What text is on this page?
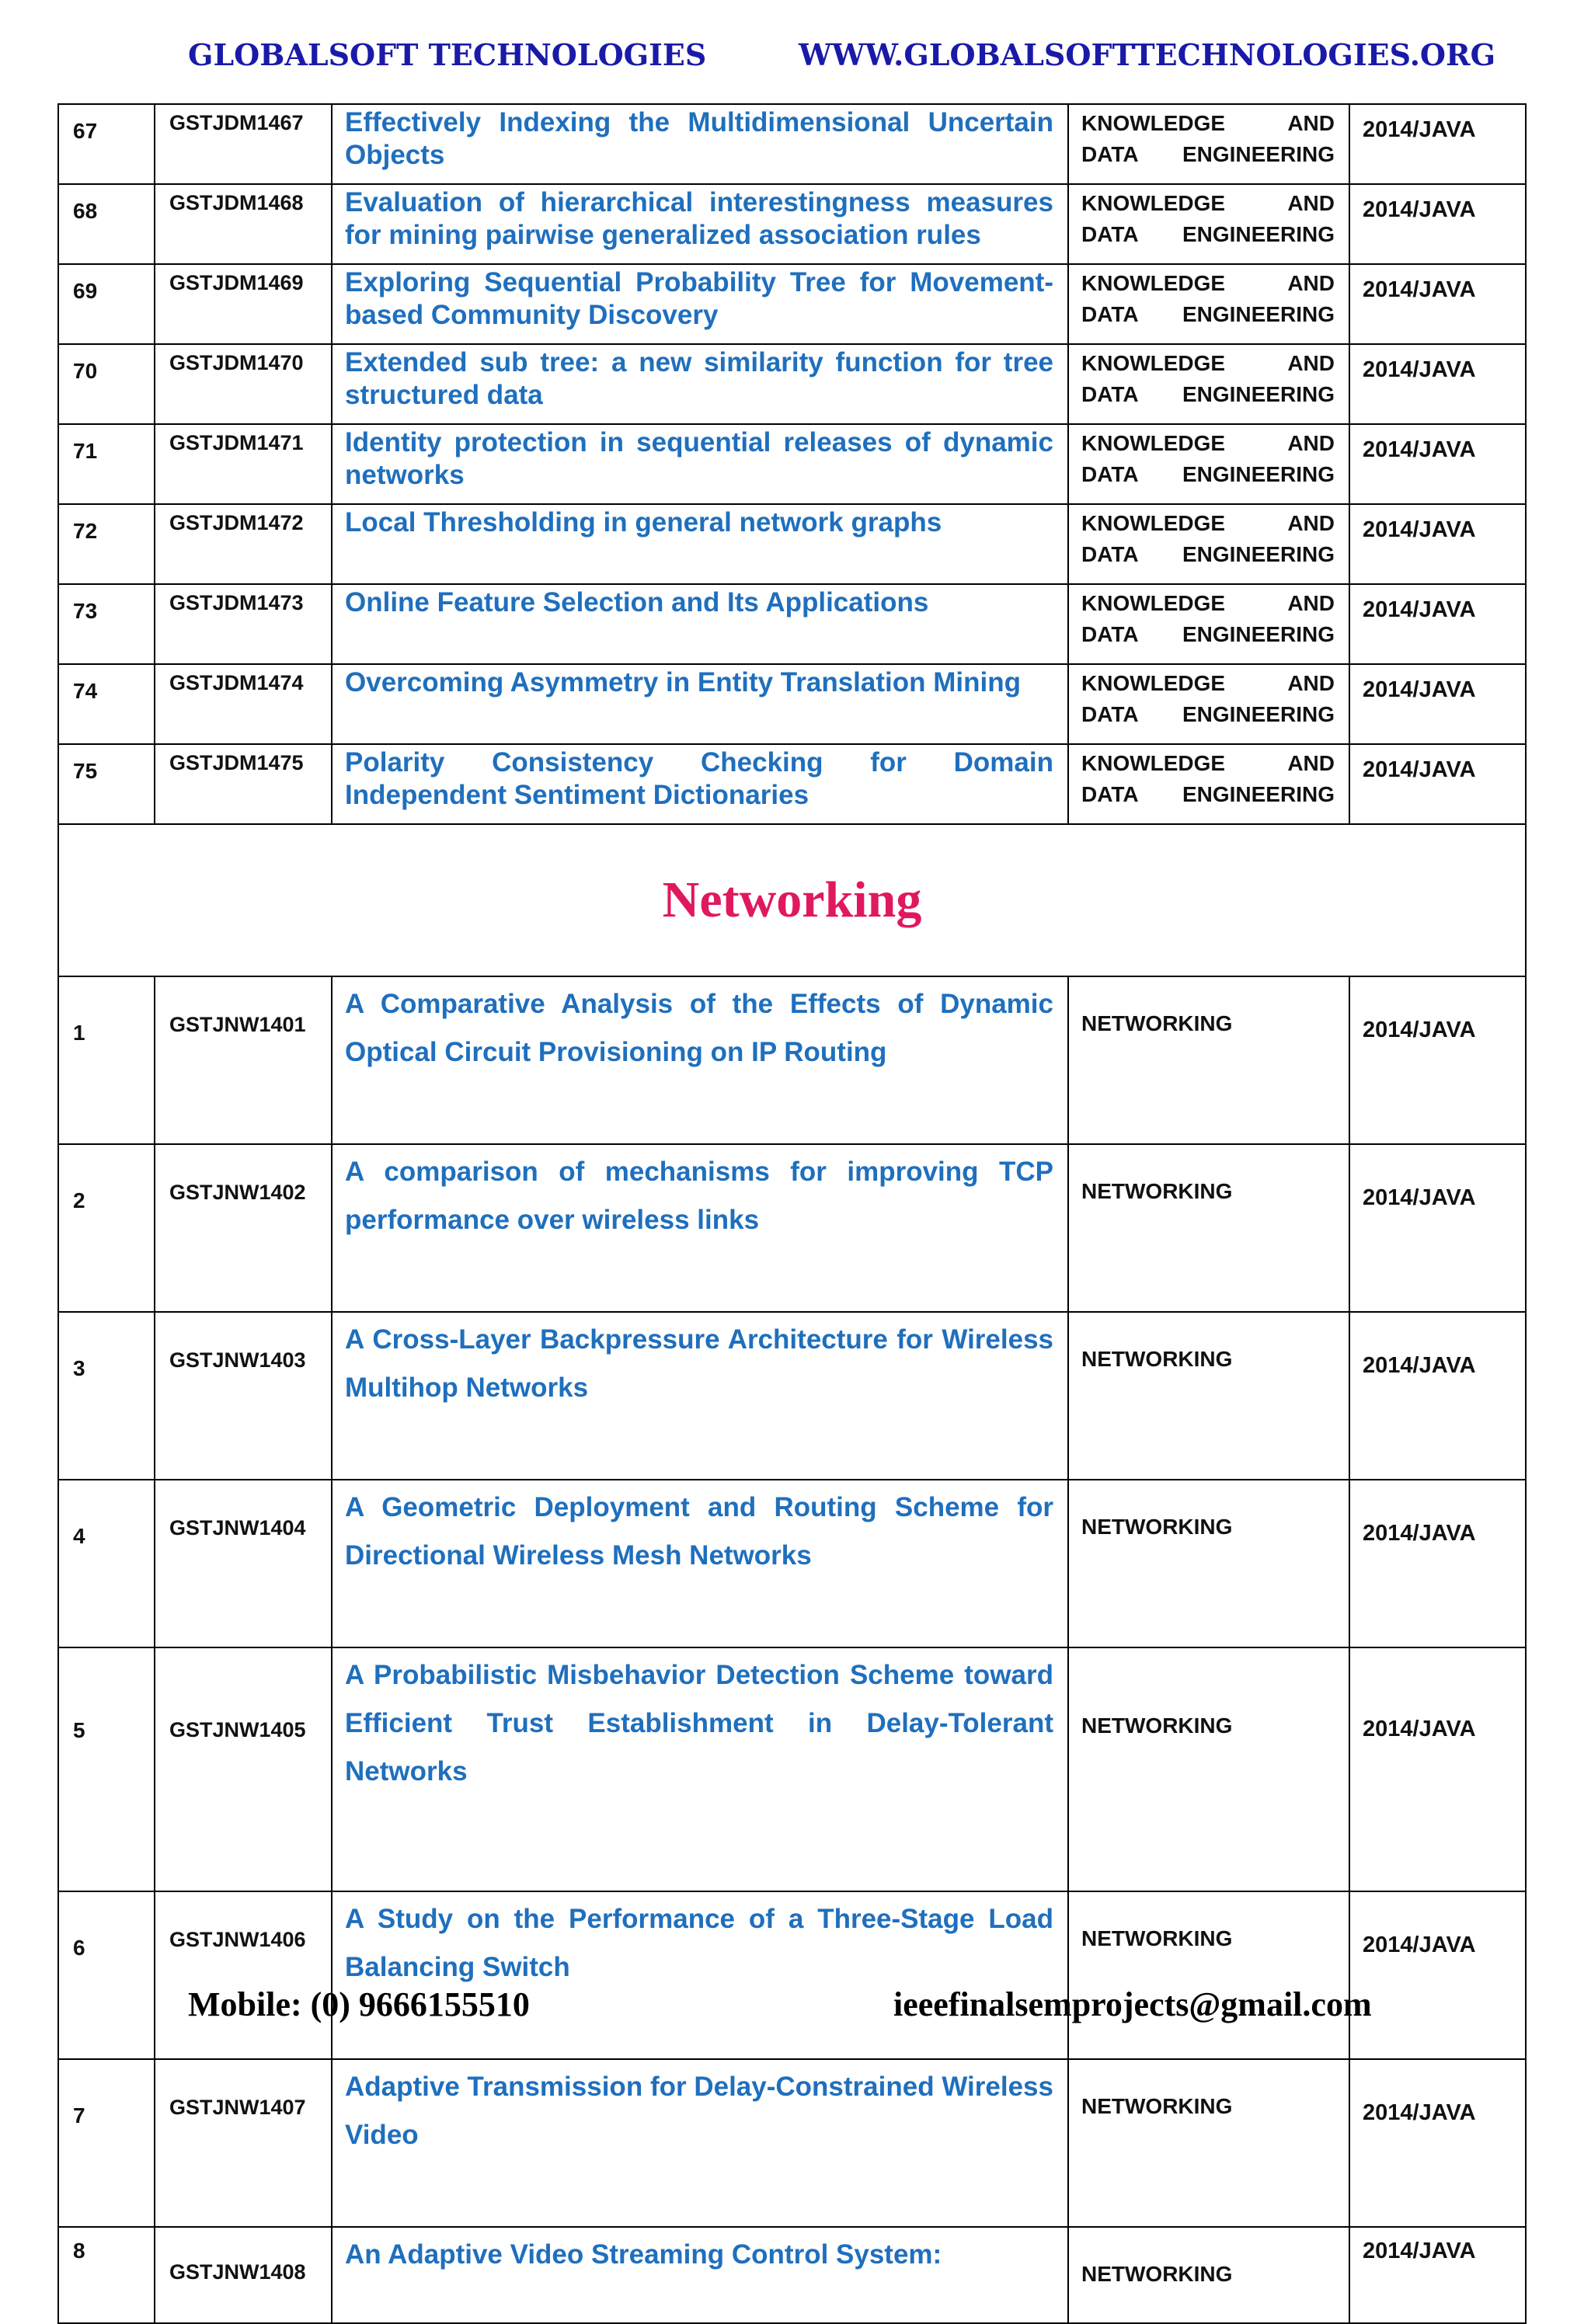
GLOBALSOFT TECHNOLOGIES	WWW.GLOBALSOFTTECHNOLOGIES.ORG
67	GSTJDM1467	Effectively Indexing the Multidimensional Uncertain Objects	KNOWLEDGE AND DATA ENGINEERING	2014/JAVA
68	GSTJDM1468	Evaluation of hierarchical interestingness measures for mining pairwise generalized association rules	KNOWLEDGE AND DATA ENGINEERING	2014/JAVA
69	GSTJDM1469	Exploring Sequential Probability Tree for Movement-based Community Discovery	KNOWLEDGE AND DATA ENGINEERING	2014/JAVA
70	GSTJDM1470	Extended sub tree: a new similarity function for tree structured data	KNOWLEDGE AND DATA ENGINEERING	2014/JAVA
71	GSTJDM1471	Identity protection in sequential releases of dynamic networks	KNOWLEDGE AND DATA ENGINEERING	2014/JAVA
72	GSTJDM1472	Local Thresholding in general network graphs	KNOWLEDGE AND DATA ENGINEERING	2014/JAVA
73	GSTJDM1473	Online Feature Selection and Its Applications	KNOWLEDGE AND DATA ENGINEERING	2014/JAVA
74	GSTJDM1474	Overcoming Asymmetry in Entity Translation Mining	KNOWLEDGE AND DATA ENGINEERING	2014/JAVA
75	GSTJDM1475	Polarity Consistency Checking for Domain Independent Sentiment Dictionaries	KNOWLEDGE AND DATA ENGINEERING	2014/JAVA
Networking				
1	GSTJNW1401	A Comparative Analysis of the Effects of Dynamic Optical Circuit Provisioning on IP Routing	NETWORKING	2014/JAVA
2	GSTJNW1402	A comparison of mechanisms for improving TCP performance over wireless links	NETWORKING	2014/JAVA
3	GSTJNW1403	A Cross-Layer Backpressure Architecture for Wireless Multihop Networks	NETWORKING	2014/JAVA
4	GSTJNW1404	A Geometric Deployment and Routing Scheme for Directional Wireless Mesh Networks	NETWORKING	2014/JAVA
5	GSTJNW1405	A Probabilistic Misbehavior Detection Scheme toward Efficient Trust Establishment in Delay-Tolerant Networks	NETWORKING	2014/JAVA
6	GSTJNW1406	A Study on the Performance of a Three-Stage Load Balancing Switch	NETWORKING	2014/JAVA
7	GSTJNW1407	Adaptive Transmission for Delay-Constrained Wireless Video	NETWORKING	2014/JAVA
8	GSTJNW1408	An Adaptive Video Streaming Control System:	NETWORKING	2014/JAVA
Mobile: (0) 9666155510	ieeefinalsemprojects@gmail.com
